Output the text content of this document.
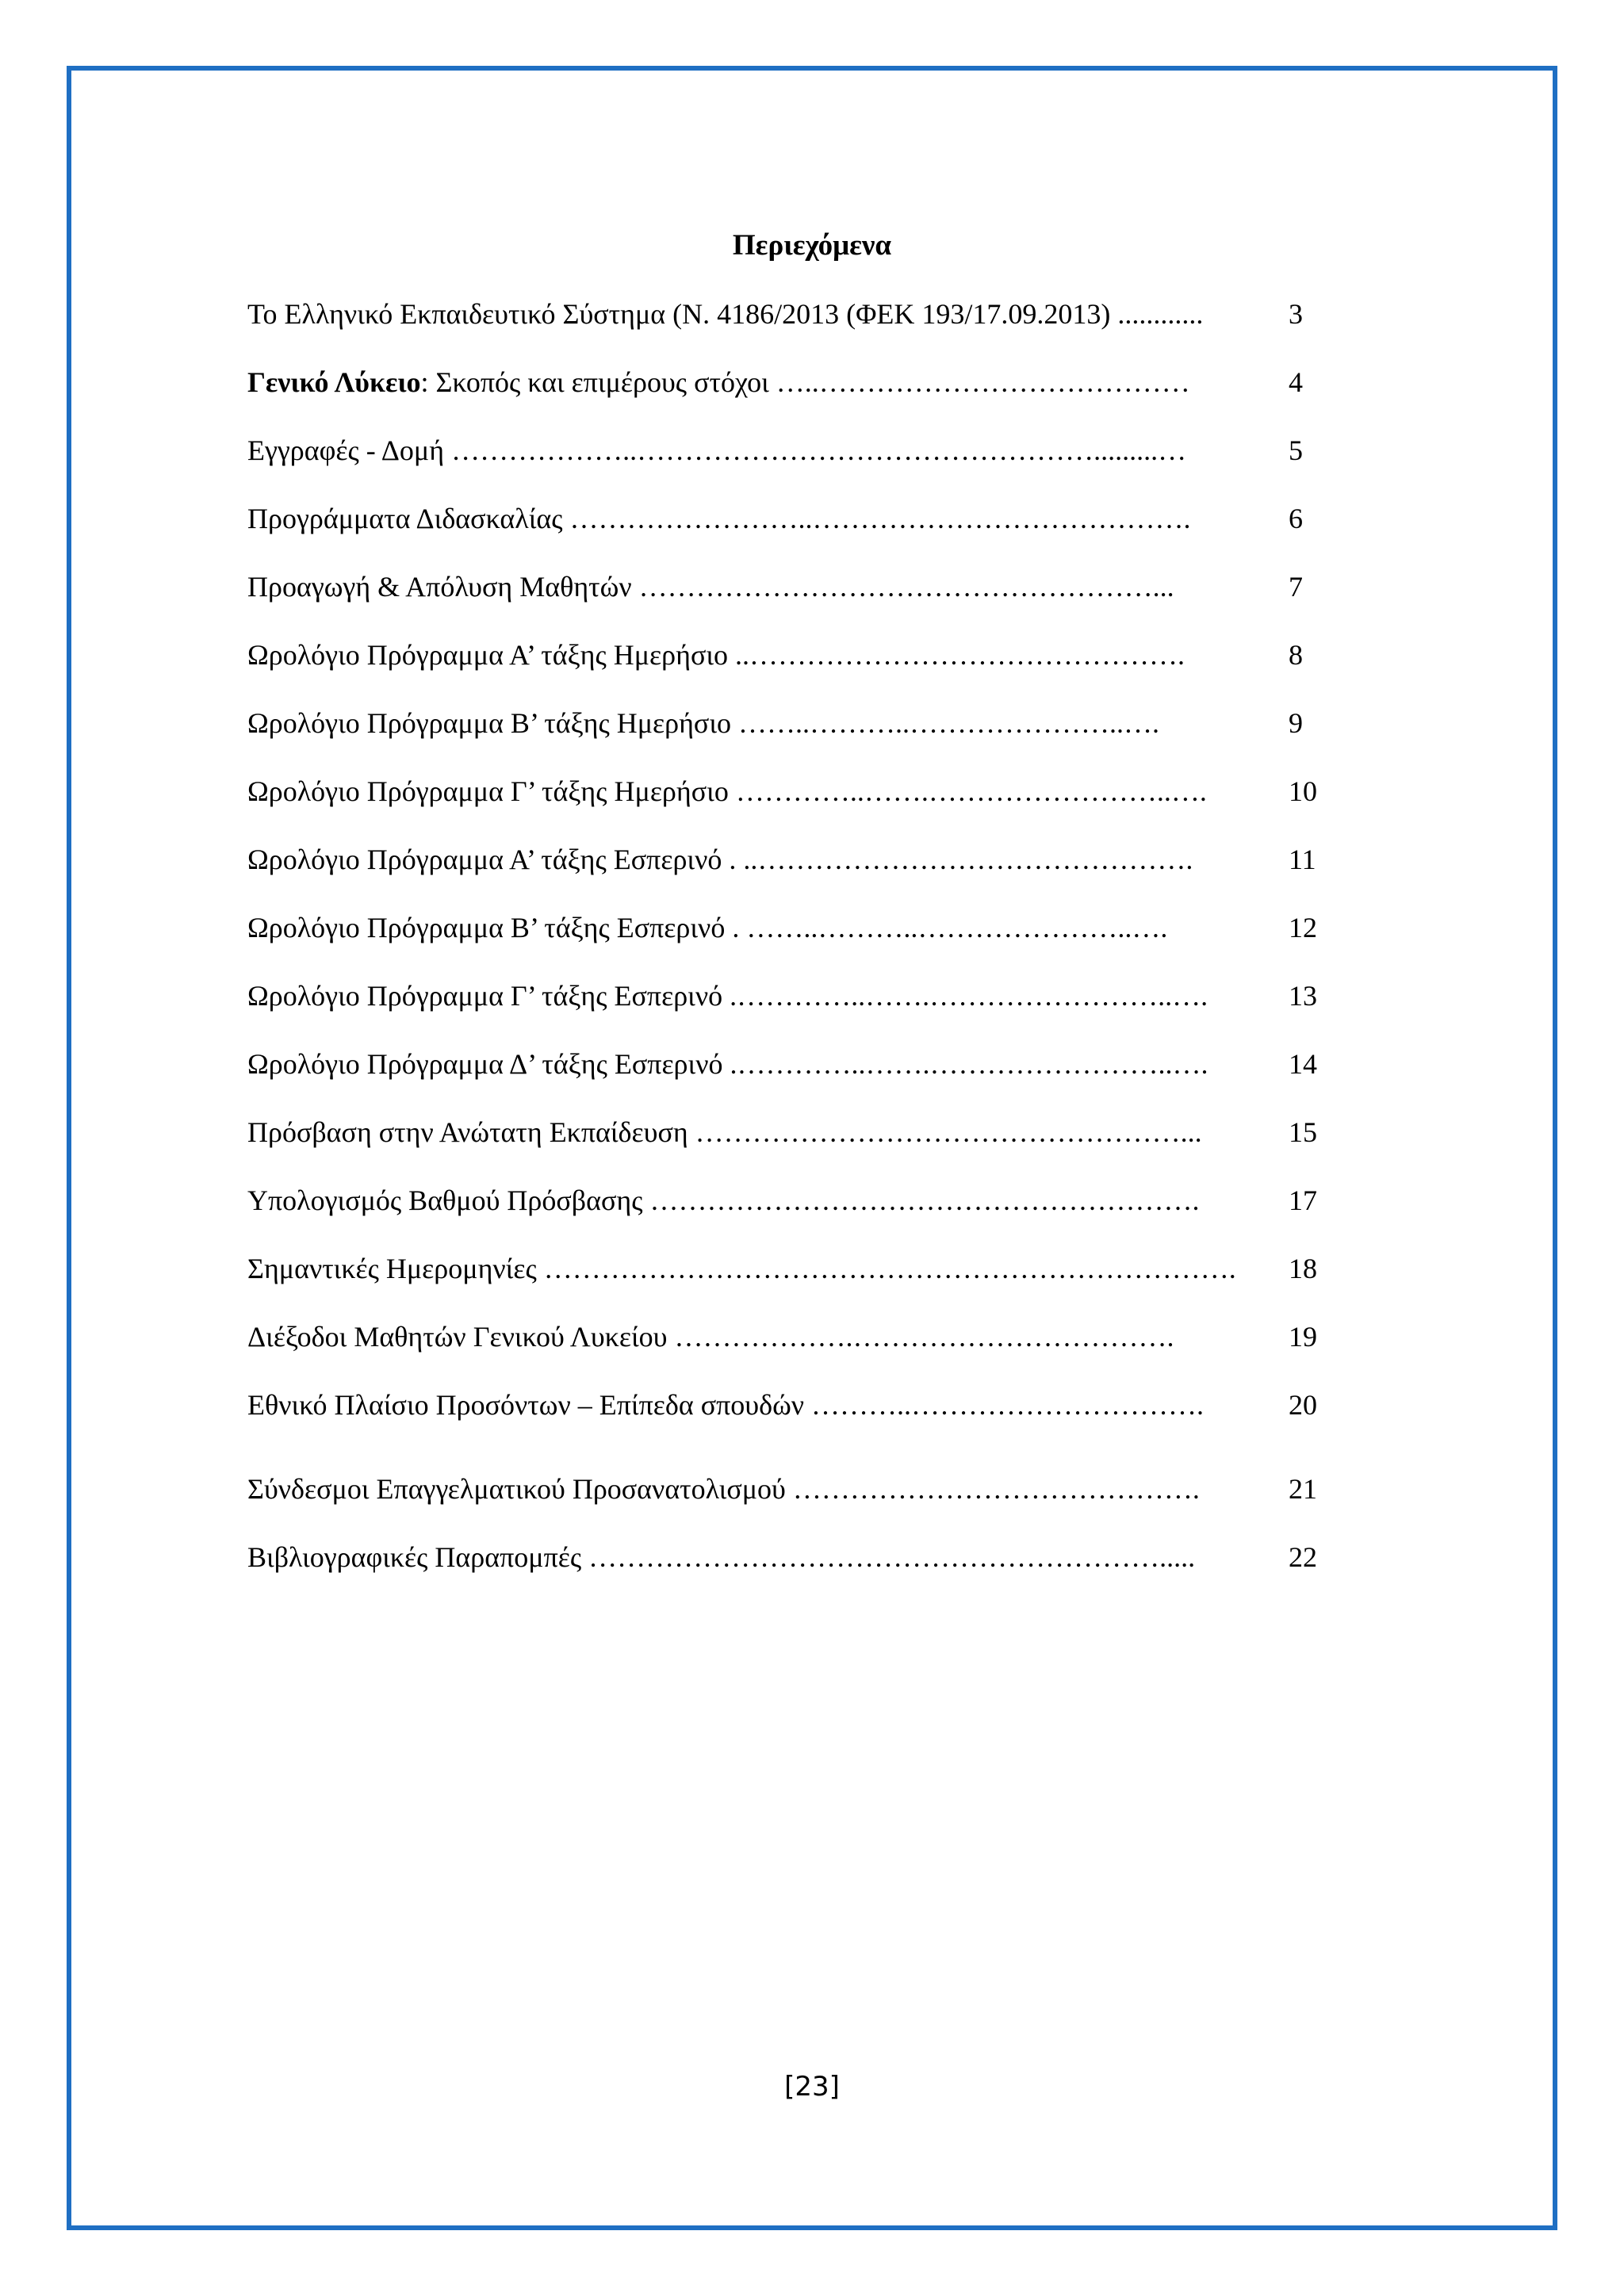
Περιεχόμενα
Το Ελληνικό Εκπαιδευτικό Σύστημα (Ν. 4186/2013 (ΦΕΚ 193/17.09.2013) ............	3
Γενικό Λύκειο: Σκοπός και επιμέρους στόχοι …..…………………………………	4
Εγγραφές - Δομή ………………..………………………………………….........…	5
Προγράμματα Διδασκαλίας ……………………..………………………………….	6
Προαγωγή & Απόλυση Μαθητών ………………………………………………...	7
Ωρολόγιο Πρόγραμμα Α’ τάξης Ημερήσιο ..……………………………………….	8
Ωρολόγιο Πρόγραμμα Β’ τάξης Ημερήσιο ……..………..…………………..….	9
Ωρολόγιο Πρόγραμμα Γ’ τάξης Ημερήσιο …………..…….……………………..….	10
Ωρολόγιο Πρόγραμμα Α’ τάξης Εσπερινό . ..……………………………………….	11
Ωρολόγιο Πρόγραμμα Β’ τάξης Εσπερινό . ……..………..…………………..….	12
Ωρολόγιο Πρόγραμμα Γ’ τάξης Εσπερινό .…………..…….……………………..….	13
Ωρολόγιο Πρόγραμμα Δ’ τάξης Εσπερινό .…………..…….……………………..….	14
Πρόσβαση στην Ανώτατη Εκπαίδευση ……………………………………………...	15
Υπολογισμός Βαθμού Πρόσβασης ………………………………………………….	17
Σημαντικές Ημερομηνίες ………………………………………………………………. 18
Διέξοδοι Μαθητών Γενικού Λυκείου ……………….…………………………….	19
Εθνικό Πλαίσιο Προσόντων – Επίπεδα σπουδών ………..………………………….	20
Σύνδεσμοι Επαγγελματικού Προσανατολισμού …………………………………….	21
Βιβλιογραφικές Παραπομπές …………………………………………………….....	22
[23]
